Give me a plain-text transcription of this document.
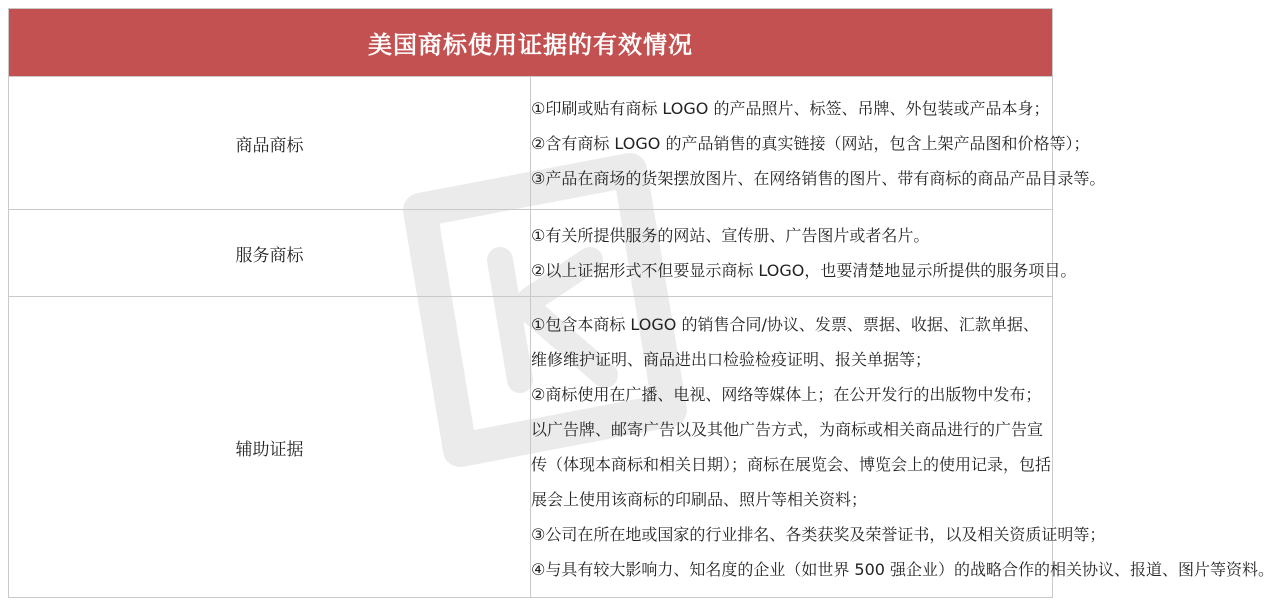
美国商标使用证据的有效情况	
商品商标	①印刷或贴有商标 LOGO 的产品照片、标签、吊牌、外包装或产品本身；
②含有商标 LOGO 的产品销售的真实链接（网站，包含上架产品图和价格等）；
③产品在商场的货架摆放图片、在网络销售的图片、带有商标的商品产品目录等。

服务商标	①有关所提供服务的网站、宣传册、广告图片或者名片。
②以上证据形式不但要显示商标 LOGO，也要清楚地显示所提供的服务项目。

辅助证据	①包含本商标 LOGO 的销售合同/协议、发票、票据、收据、汇款单据、维修维护证明、商品进出口检验检疫证明、报关单据等；
②商标使用在广播、电视、网络等媒体上；在公开发行的出版物中发布；以广告牌、邮寄广告以及其他广告方式，为商标或相关商品进行的广告宣传（体现本商标和相关日期）；商标在展览会、博览会上的使用记录，包括展会上使用该商标的印刷品、照片等相关资料；
③公司在所在地或国家的行业排名、各类获奖及荣誉证书，以及相关资质证明等；
④与具有较大影响力、知名度的企业（如世界 500 强企业）的战略合作的相关协议、报道、图片等资料。
